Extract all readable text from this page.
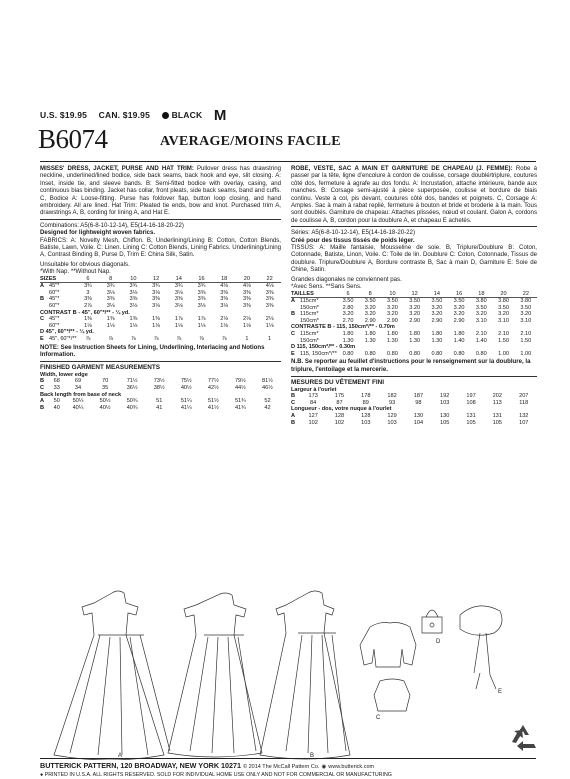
U.S. $19.95 CAN. $19.95	BLACK M
B6074	AVERAGE/MOINS FACILE

MISSES' DRESS, JACKET, PURSE AND HAT TRIM: Pullover dress has drawstring neckline, underlined/lined bodice, side back seams, back hook and eye, slit closing. A: Inset, inside tie, and sleeve bands. B: Semi-fitted bodice with overlay, casing, and continuous bias binding. Jacket has collar, front pleats, side back seams, band and cuffs. C, Bodice A: Loose-fitting. Purse has foldover flap, button loop closing, and hand embroidery. All are lined. Hat Trim: Pleated tie ends, bow and knot. Purchased trim A, drawstrings A, B, cording for lining A, and Hat E.

Combinations: A5(6-8-10-12-14), E5(14-16-18-20-22)
Designed for lightweight woven fabrics.

FABRICS: A: Novelty Mesh, Chiffon. B, Underlining/Lining B: Cotton, Cotton Blends, Batiste, Lawn, Voile. C: Linen. Lining C: Cotton Blends, Lining Fabrics. Underlining/Lining A, Contrast Binding B, Purse D, Trim E: China Silk, Satin.

Unsuitable for obvious diagonals.
*With Nap. **Without Nap.
SIZES		6	8	10	12	14	16	18	20	22
A	45"*	3¾	3¾	3¾	3¾	3¾	3¾	4⅛	4⅛	4⅛
	60"*	3	3⅛	3⅛	3⅛	3⅛	3⅜	3⅜	3⅜	3⅜
B	45"*	3⅜	3⅜	3⅜	3⅜	3⅜	3⅜	3⅜	3⅜	3⅜
	60"*	2⅞	3⅛	3⅛	3⅛	3⅛	3⅛	3⅛	3⅜	3⅜
CONTRAST B - 45", 60"*/** - ¼ yd.										
C	45"*	1⅜	1⅜	1⅜	1⅜	1⅞	1⅞	2⅛	2⅛	2⅛
	60"*	1⅛	1⅛	1⅛	1⅛	1⅛	1⅛	1⅛	1⅛	1⅛
D 45", 60"*/** - ¼ yd.										
E	45", 60"*/**	⅞	⅞	⅞	⅞	⅞	⅞	⅞	1	1
NOTE: See Instruction Sheets for Lining, Underlining, Interlacing and Notions Information.
FINISHED GARMENT MEASUREMENTS
Width, lower edge									
B	68	69	70	71½	73½	75½	77½	79½	81½
C	33	34	35	36½	38½	40½	42½	44½	46½
Back length from base of neck									
A	50	50¼	50½	50¾	51	51¼	51½	51¾	52
B	40	40¼	40½	40¾	41	41¼	41½	41¾	42

ROBE, VESTE, SAC À MAIN ET GARNITURE DE CHAPEAU (J. FEMME): Robe à passer par la tête, ligne d'encolure à cordon de coulisse, corsage doublé/triplure, coutures côté dos, fermeture à agrafe au dos fondu. A: Incrustation, attache intérieure, bande aux manches. B: Corsage semi-ajusté à pièce superposée, coulisse et bordure de biais continu. Veste à col, pis devant, coutures côté dos, bandes et poignets. C, Corsage A: Amples. Sac à main à rabat replié, fermeture à bouton et bride et broderie à la main. Tous sont doublés. Garniture de chapeau: Attaches plissées, nœud et coulant. Galon A, cordons de coulisse A, B, cordon pour la doublure A, et chapeau E achetés.

Séries: A5(6-8-10-12-14), E5(14-16-18-20-22)
Créé pour des tissus tissés de poids léger.

TISSUS: A: Maille fantaisie, Mousseline de soie. B, Triplure/Doublure B: Coton, Cotonnade, Batiste, Linon, Voile. C: Toile de lin. Doublure C: Coton, Cotonnade, Tissus de doublure. Triplure/Doublure A, Bordure contraste B, Sac à main D, Garniture E: Soie de Chine, Satin.

Grandes diagonales ne conviennent pas.
*Avec Sens. **Sans Sens.
TAILLES		6	8	10	12	14	16	18	20	22
A	115cm*	3.50	3.50	3.50	3.50	3.50	3.50	3.80	3.80	3.80
	150cm*	2.80	3.20	3.20	3.20	3.20	3.20	3.50	3.50	3.50
B	115cm*	3.20	3.20	3.20	3.20	3.20	3.20	3.20	3.20	3.20
	150cm*	2.70	2.90	2.90	2.90	2.90	2.90	3.10	3.10	3.10
CONTRASTE B - 115, 150cm*/** - 0.70m										
C	115cm*	1.80	1.80	1.80	1.80	1.80	1.80	2.10	2.10	2.10
	150cm*	1.30	1.30	1.30	1.30	1.30	1.40	1.40	1.50	1.50
D 115, 150cm*/** - 0.30m										
E	115, 150cm*/**	0.80	0.80	0.80	0.80	0.80	0.80	0.80	1.00	1.00
N.B. Se reporter au feuillet d'instructions pour le renseignement sur la doublure, la triplure, l'entoilage et la mercerie.
MESURES DU VÊTEMENT FINI
Largeur à l'ourlet									
B	173	175	178	182	187	192	197	202	207
C	84	87	89	93	98	103	108	113	118
Longueur - dos, votre nuque à l'ourlet									
A	127	128	128	129	130	130	131	131	132
B	102	102	103	103	104	105	105	105	107
A	B
C
D
E
BUTTERICK PATTERN, 120 BROADWAY, NEW YORK 10271 © 2014 The McCall Pattern Co. ◉ www.butterick.com
● PRINTED IN U.S.A. ALL RIGHTS RESERVED. SOLD FOR INDIVIDUAL HOME USE ONLY AND NOT FOR COMMERCIAL OR MANUFACTURING
